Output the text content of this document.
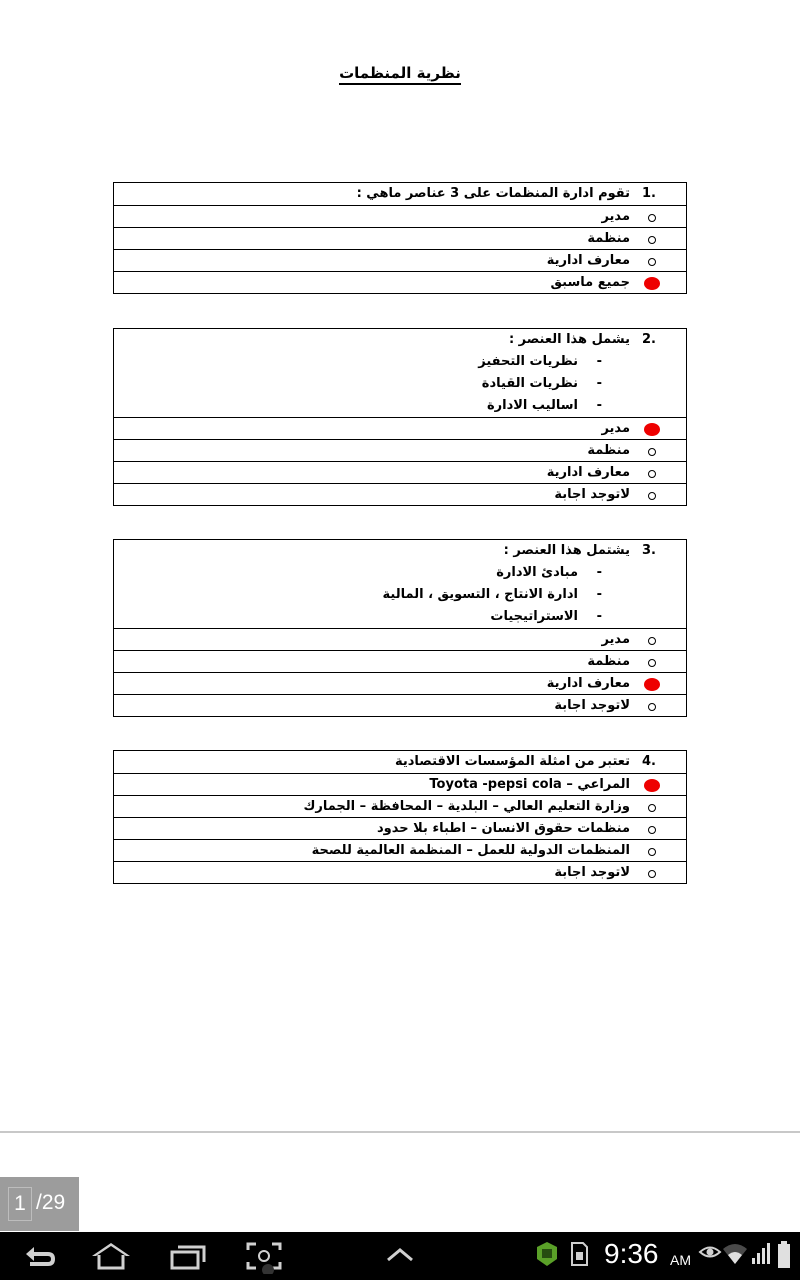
نظرية المنظمات
1.
تقوم ادارة المنظمات على 3 عناصر ماهي :
مدير
منظمة
معارف ادارية
جميع ماسبق
2.
يشمل هذا العنصر :
-
نظريات التحفيز
-
نظريات القيادة
-
اساليب الادارة
مدير
منظمة
معارف ادارية
لاتوجد اجابة
3.
يشتمل هذا العنصر :
-
مبادئ الادارة
-
ادارة الانتاج ، التسويق ، المالية
-
الاستراتيجيات
مدير
منظمة
معارف ادارية
لاتوجد اجابة
4.
تعتبر من امثلة المؤسسات الاقتصادية
المراعي – Toyota -pepsi cola
وزارة التعليم العالي – البلدية – المحافظة – الجمارك
منظمات حقوق الانسان – اطباء بلا حدود
المنظمات الدولية للعمل – المنظمة العالمية للصحة
لاتوجد اجابة
1 /29
9:36 AM
